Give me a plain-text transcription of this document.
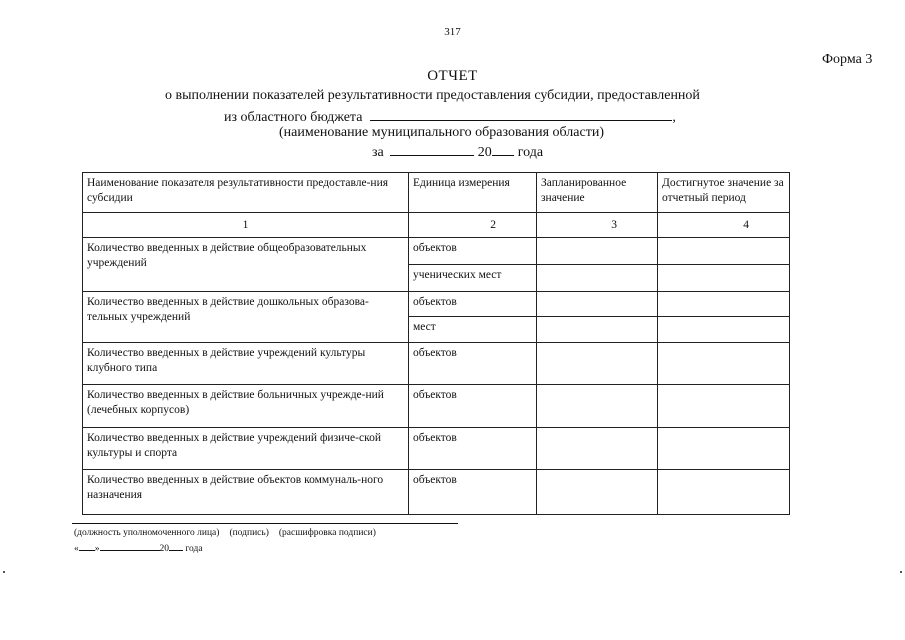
317
Форма 3
ОТЧЕТ
о выполнении показателей результативности предоставления субсидии, предоставленной
из областного бюджета	,
(наименование муниципального образования области)
за	20 года
Наименование показателя результативности предоставле-ния субсидии	Единица измерения	Запланированное значение	Достигнутое значение за отчетный период
1	2	3	4
Количество введенных в действие общеобразовательных учреждений	объектов		
	ученических мест		
Количество введенных в действие дошкольных образова-тельных учреждений	объектов		
	мест		
Количество введенных в действие учреждений культуры клубного типа	объектов		
Количество введенных в действие больничных учрежде-ний (лечебных корпусов)	объектов		
Количество введенных в действие учреждений физиче-ской культуры и спорта	объектов		
Количество введенных в действие объектов коммуналь-ного назначения	объектов		
(должность уполномоченного лица) (подпись) (расшифровка подписи)
« »	20 года
